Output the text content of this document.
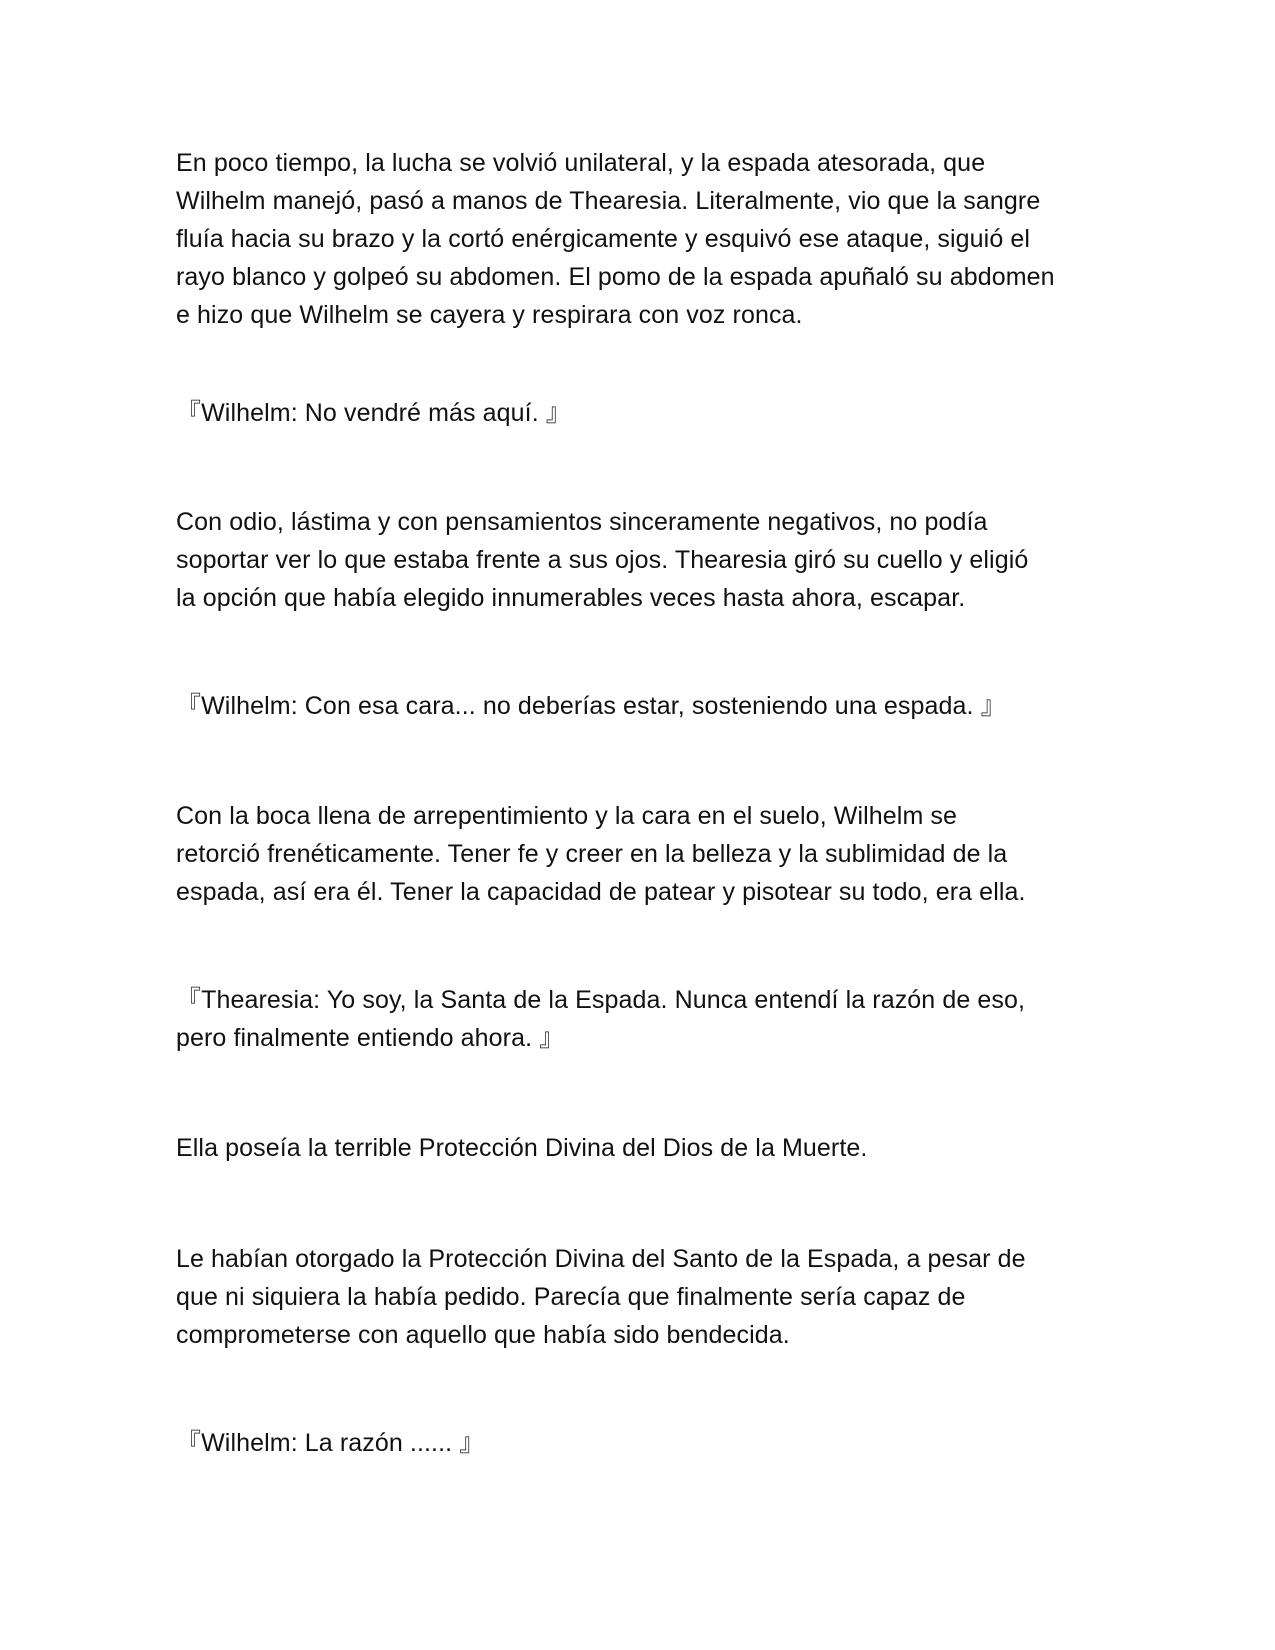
En poco tiempo, la lucha se volvió unilateral, y la espada atesorada, que
Wilhelm manejó, pasó a manos de Thearesia. Literalmente, vio que la sangre
fluía hacia su brazo y la cortó enérgicamente y esquivó ese ataque, siguió el
rayo blanco y golpeó su abdomen. El pomo de la espada apuñaló su abdomen
e hizo que Wilhelm se cayera y respirara con voz ronca.

『Wilhelm: No vendré más aquí. 』

Con odio, lástima y con pensamientos sinceramente negativos, no podía
soportar ver lo que estaba frente a sus ojos. Thearesia giró su cuello y eligió
la opción que había elegido innumerables veces hasta ahora, escapar.

『Wilhelm: Con esa cara... no deberías estar, sosteniendo una espada. 』

Con la boca llena de arrepentimiento y la cara en el suelo, Wilhelm se
retorció frenéticamente. Tener fe y creer en la belleza y la sublimidad de la
espada, así era él. Tener la capacidad de patear y pisotear su todo, era ella.

『Thearesia: Yo soy, la Santa de la Espada. Nunca entendí la razón de eso,
pero finalmente entiendo ahora. 』

Ella poseía la terrible Protección Divina del Dios de la Muerte.

Le habían otorgado la Protección Divina del Santo de la Espada, a pesar de
que ni siquiera la había pedido. Parecía que finalmente sería capaz de
comprometerse con aquello que había sido bendecida.

『Wilhelm: La razón ...... 』
